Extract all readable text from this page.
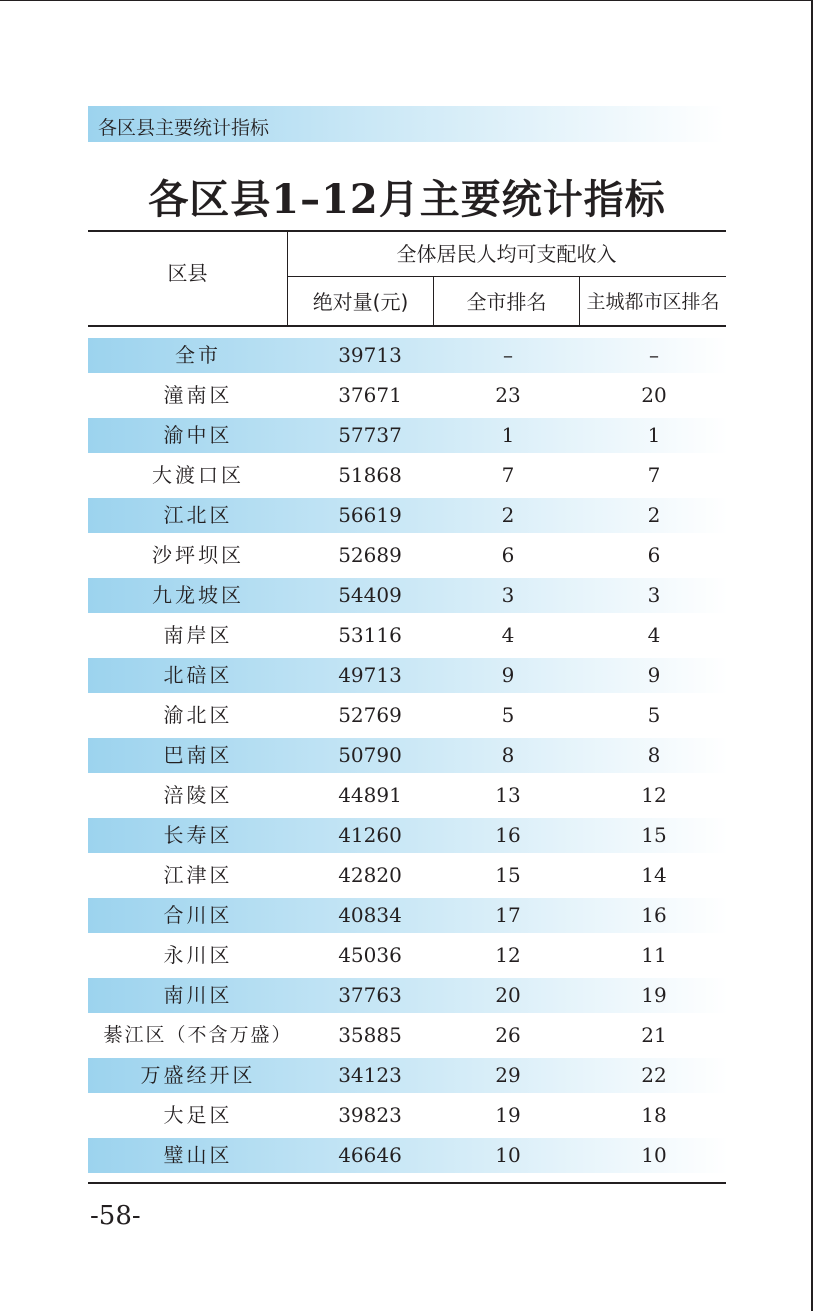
各区县主要统计指标
各区县1–12月主要统计指标
区县
全体居民人均可支配收入
绝对量(元)	全市排名	主城都市区排名
全市	39713	–	–
潼南区	37671	23	20
渝中区	57737	1	1
大渡口区	51868	7	7
江北区	56619	2	2
沙坪坝区	52689	6	6
九龙坡区	54409	3	3
南岸区	53116	4	4
北碚区	49713	9	9
渝北区	52769	5	5
巴南区	50790	8	8
涪陵区	44891	13	12
长寿区	41260	16	15
江津区	42820	15	14
合川区	40834	17	16
永川区	45036	12	11
南川区	37763	20	19
綦江区（不含万盛）	35885	26	21
万盛经开区	34123	29	22
大足区	39823	19	18
璧山区	46646	10	10
-58-
